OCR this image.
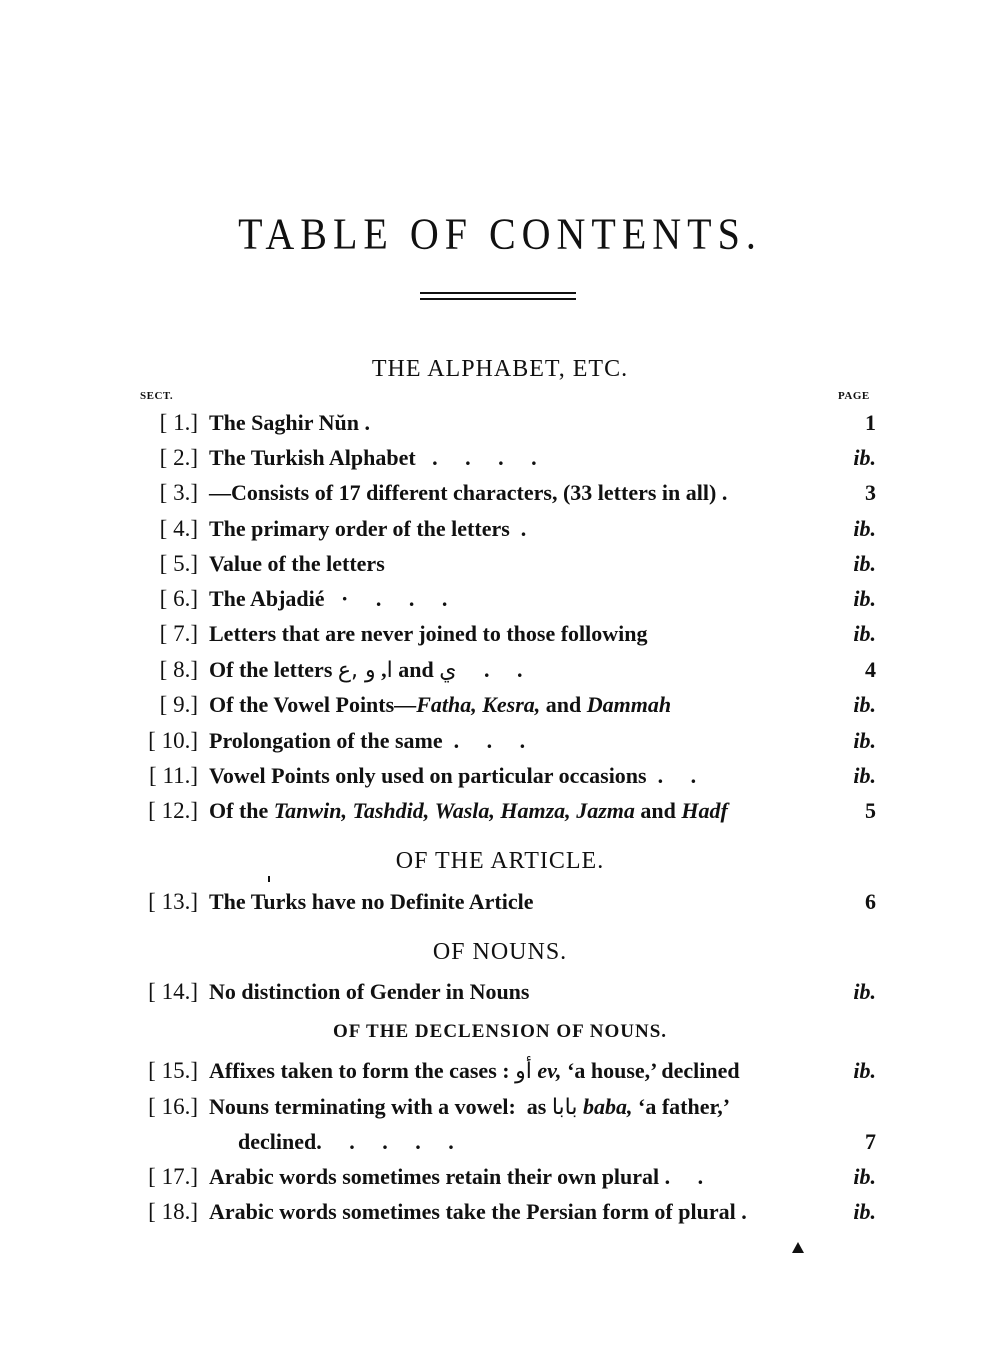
TABLE OF CONTENTS.
THE ALPHABET, ETC.
SECT.	PAGE
[ 1.] The Saghir Nŭn .	1
[ 2.] The Turkish Alphabet   .     .     .     .	ib.
[ 3.] —Consists of 17 different characters, (33 letters in all) .	3
[ 4.] The primary order of the letters  .	ib.
[ 5.] Value of the letters	ib.
[ 6.] The Abjadié   ·     .     .     .	ib.
[ 7.] Letters that are never joined to those following	ib.
[ 8.] Of the letters ا, و ,ع and ي     .     .	4
[ 9.] Of the Vowel Points—Fatha, Kesra, and Dammah	ib.
[ 10.] Prolongation of the same  .     .     .	ib.
[ 11.] Vowel Points only used on particular occasions  .     .	ib.
[ 12.] Of the Tanwin, Tashdid, Wasla, Hamza, Jazma and Hadf	5
OF THE ARTICLE.
[ 13.] The Turks have no Definite Article	6
OF NOUNS.
[ 14.] No distinction of Gender in Nouns	ib.
OF THE DECLENSION OF NOUNS.
[ 15.] Affixes taken to form the cases : أو ev, ‘a house,’ declined	ib.
[ 16.] Nouns terminating with a vowel:  as بابا baba, ‘a father,’
declined.     .     .     .     .	7
[ 17.] Arabic words sometimes retain their own plural .     .	ib.
[ 18.] Arabic words sometimes take the Persian form of plural .	ib.
